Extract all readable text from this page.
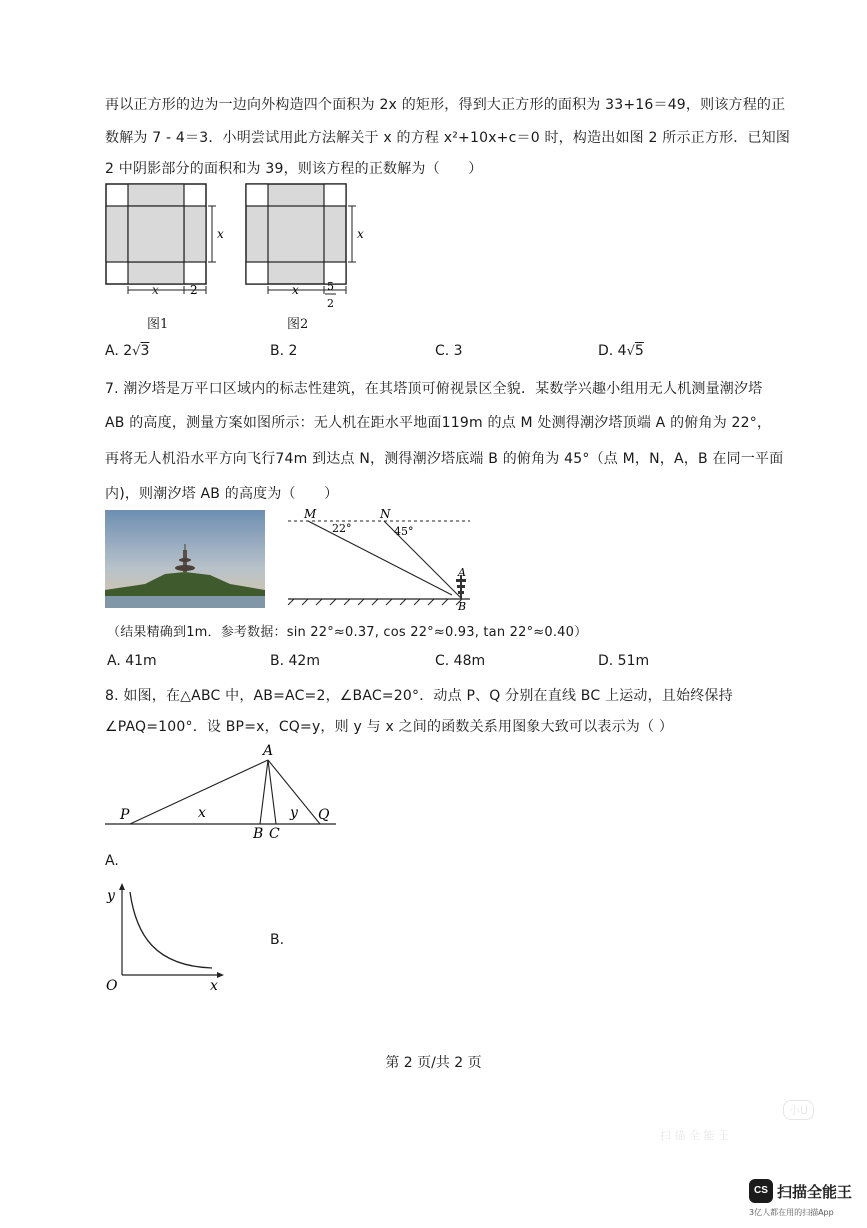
再以正方形的边为一边向外构造四个面积为 2x 的矩形，得到大正方形的面积为 33+16＝49，则该方程的正
数解为 7 - 4＝3．小明尝试用此方法解关于 x 的方程 x²+10x+c＝0 时，构造出如图 2 所示正方形．已知图
2 中阴影部分的面积和为 39，则该方程的正数解为（　　）
x
x	2
图1
x
x	5
2
图2
A. 2√3	B. 2	C. 3	D. 4√5
7. 潮汐塔是万平口区域内的标志性建筑，在其塔顶可俯视景区全貌．某数学兴趣小组用无人机测量潮汐塔
AB 的高度，测量方案如图所示：无人机在距水平地面119m 的点 M 处测得潮汐塔顶端 A 的俯角为 22°，
再将无人机沿水平方向飞行74m 到达点 N，测得潮汐塔底端 B 的俯角为 45°（点 M，N，A，B 在同一平面
内)，则潮汐塔 AB 的高度为（　　）
M	N
A
B
22°	45°
（结果精确到1m．参考数据：sin 22°≈0.37, cos 22°≈0.93, tan 22°≈0.40）
A. 41m	B. 42m	C. 48m	D. 51m
8. 如图，在△ABC 中，AB=AC=2，∠BAC=20°．动点 P、Q 分别在直线 BC 上运动，且始终保持
∠PAQ=100°．设 BP=x，CQ=y，则 y 与 x 之间的函数关系用图象大致可以表示为（ ）
A
P	Q
B C
x	y
A.
y
x
O
B.
第 2 页/共 2 页
小U
扫 描 全 能 王
CS 扫描全能王
3亿人都在用的扫描App
